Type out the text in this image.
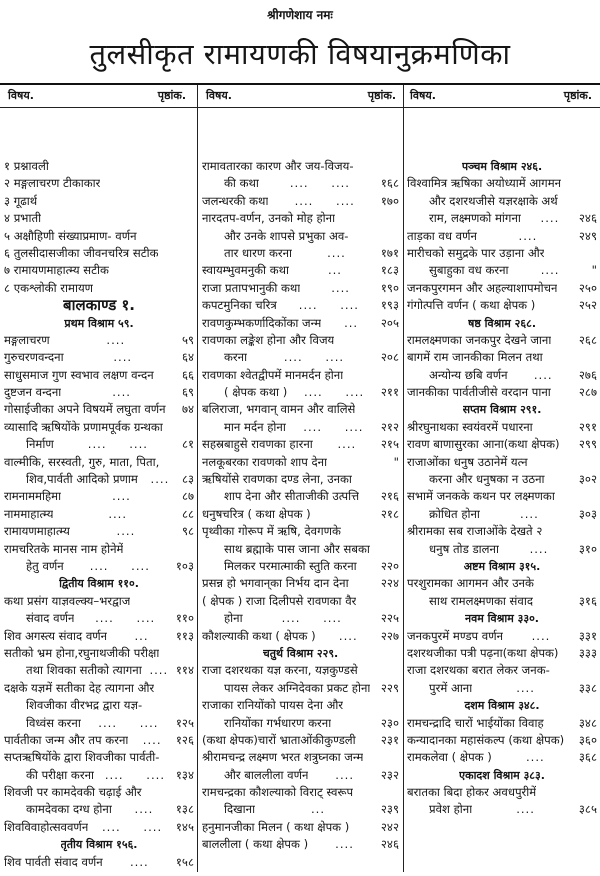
श्रीगणेशाय नमः
तुलसीकृत रामायणकी विषयानुक्रमणिका
विषय.	पृष्ठांक. विषय.	पृष्ठांक. विषय.	पृष्ठांक.
१ प्रश्नावली
२ मङ्गलाचरण टीकाकार
३ गूढार्थ
४ प्रभाती
५ अक्षौहिणी संख्याप्रमाण- वर्णन
६ तुलसीदासजीका जीवनचरित्र सटीक
७ रामायणमाहात्म्य सटीक
८ एकश्लोकी रामायण
बालकाण्ड १.
प्रथम विश्राम ५९.
मङ्गलाचरण	....	५९
गुरुचरणवन्दना	....	६४
साधुसमाज गुण स्वभाव लक्षण वन्दन ६६
दुष्टजन वन्दना	....	६९
गोसाईजीका अपने विषयमें लघुता वर्णन ७४
व्यासादि ऋषियोंके प्रणामपूर्वक ग्रन्थका
निर्माण	.... ....	८१
वाल्मीकि, सरस्वती, गुरु, माता, पिता,
शिव,पार्वती आदिको प्रणाम	....	८३
रामनाममहिमा	....	८७
नाममाहात्म्य	....	८८
रामायणमाहात्म्य	....	९८
रामचरितके मानस नाम होनेमें
हेतु वर्णन	.... ....	१०३
द्वितीय विश्राम ११०.
कथा प्रसंग याज्ञवल्क्य–भरद्वाज
संवाद वर्णन	.... ....	११०
शिव अगस्त्य संवाद वर्णन	...	११३
सतीको भ्रम होना,रघुनाथजीकी परीक्षा
तथा शिवका सतीको त्यागना .... ११४
दक्षके यज्ञमें सतीका देह त्यागना और
शिवजीका वीरभद्र द्वारा यज्ञ-
विध्वंस करना	.... ....	१२५
पार्वतीका जन्म और तप करना	....	१२६
सप्तऋषियोंके द्वारा शिवजीका पार्वती-
की परीक्षा करना .... .... १३४
शिवजी पर कामदेवकी चढ़ाई और
कामदेवका दग्ध होना	....	१३८
शिवविवाहोत्सववर्णन	.... ....	१४५
तृतीय विश्राम १५६.
शिव पार्वती संवाद वर्णन	....	१५८
रामावतारका कारण और जय-विजय-
की कथा	.... ....	१६८
जलन्धरकी कथा	.... ....	१७०
नारदतप-वर्णन, उनको मोह होना
और उनके शापसे प्रभुका अव-
तार धारण करना	....	१७१
स्वायम्भुवमनुकी कथा	...	१८३
राजा प्रतापभानुकी कथा	....	१९०
कपटमुनिका चरित्र	.... ....	१९३
रावणकुम्भकर्णादिकोंका जन्म	...	२०५
रावणका लङ्केश होना और विजय
करना	.... ....	२०८
रावणका श्वेतद्वीपमें मानमर्दन होना
( क्षेपक कथा )	.... ....	२११
बलिराजा, भगवान् वामन और वालिसे
मान मर्दन होना	.... ....	२१२
सहस्रबाहुसे रावणका हारना	....	२१५
नलकूबरका रावणको शाप देना	"
ऋषियोंसे रावणका दण्ड लेना, उनका
शाप देना और सीताजीकी उत्पत्ति २१६
धनुषचरित्र ( कथा क्षेपक )	२१८
पृथ्वीका गोरूप में ऋषि, देवगणके
साथ ब्रह्माके पास जाना और सबका
मिलकर परमात्माकी स्तुति करना २२०
प्रसन्न हो भगवान्‌का निर्भय दान देना	२२४
( क्षेपक ) राजा दिलीपसे रावणका वैर
होना	.... ....	२२५
कौशल्याकी कथा ( क्षेपक )	....	२२७
चतुर्थ विश्राम २२९.
राजा दशरथका यज्ञ करना, यज्ञकुण्डसे
पायस लेकर अग्निदेवका प्रकट होना २२९
राजाका रानियोंको पायस देना और
रानियोंका गर्भधारण करना	२३०
(कथा क्षेपक)चारों भ्राताओंकीकुण्डली २३१
श्रीरामचन्द्र लक्ष्मण भरत शत्रुघ्नका जन्म
और बाललीला वर्णन	....	२३२
रामचन्द्रका कौशल्याको विराट् स्वरूप
दिखाना	...	२३९
हनुमानजीका मिलन ( कथा क्षेपक )	२४२
बाललीला ( कथा क्षेपक )	....	२४६
पञ्चम विश्राम २४६.
विश्वामित्र ऋषिका अयोध्यामें आगमन
और दशरथजीसे यज्ञरक्षाके अर्थ
राम, लक्ष्मणको मांगना	....	२४६
ताड़का वध वर्णन	....	२४९
मारीचको समुद्रके पार उड़ाना और
सुबाहुका वध करना	....	"
जनकपुरगमन और अहल्याशापमोचन २५०
गंगोत्पत्ति वर्णन ( कथा क्षेपक )	२५२
षष्ठ विश्राम २६८.
रामलक्ष्मणका जनकपुर देखने जाना २६८
बागमें राम जानकीका मिलन तथा
अन्योन्य छबि वर्णन	....	२७६
जानकीका पार्वतीजीसे वरदान पाना २८७
सप्तम विश्राम २९१.
श्रीरघुनाथका स्वयंवरमें पधारना	२९१
रावण बाणासुरका आना(कथा क्षेपक) २९९
राजाओंका धनुष उठानेमें यत्न
करना और धनुषका न उठना	३०२
सभामें जनकके कथन पर लक्ष्मणका
क्रोधित होना	....	३०३
श्रीरामका सब राजाओंके देखते २
धनुष तोड डालना	....	३१०
अष्टम विश्राम ३१५.
परशुरामका आगमन और उनके
साथ रामलक्ष्मणका संवाद	३१६
नवम विश्राम ३३०.
जनकपुरमें मण्डप वर्णन	....	३३१
दशरथजीका पत्री पढ़ना(कथा क्षेपक) ३३३
राजा दशरथका बरात लेकर जनक-
पुरमें आना	....	३३८
दशम विश्राम ३४८.
रामचन्द्रादि चारों भाईयोंका विवाह	३४८
कन्यादानका महासंकल्प (कथा क्षेपक) ३६०
रामकलेवा ( क्षेपक )	....	३६८
एकादश विश्राम ३८३.
बरातका बिदा होकर अवधपुरीमें
प्रवेश होना	....	३८५
